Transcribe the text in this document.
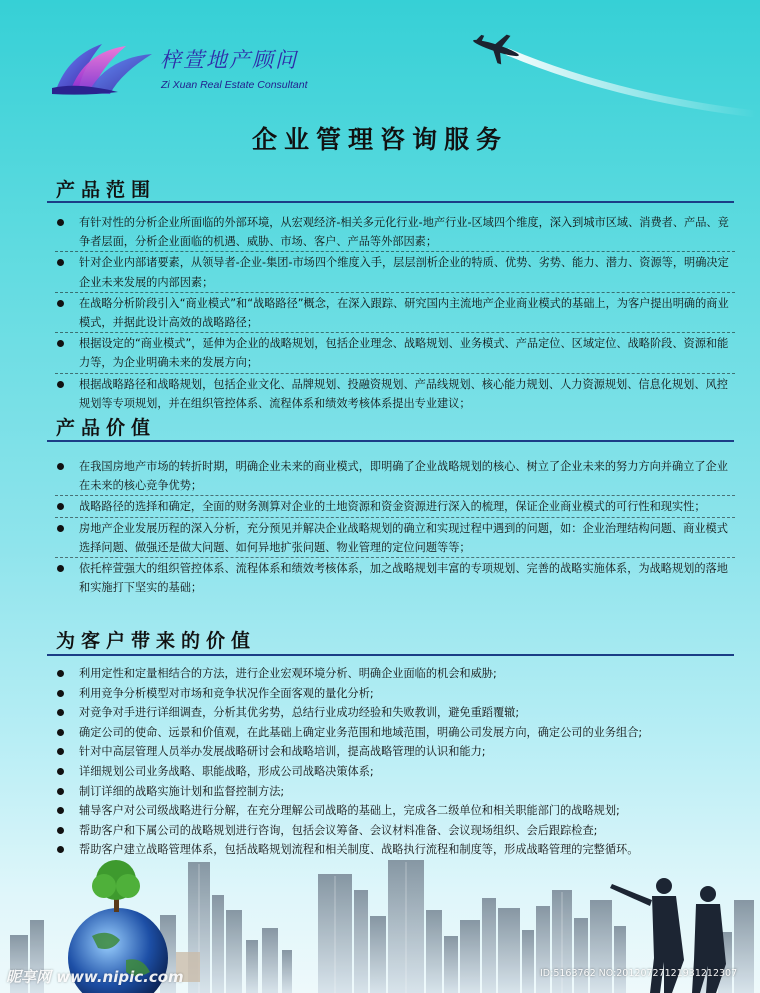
梓萱地产顾问
Zi Xuan Real Estate Consultant
企业管理咨询服务
产品范围
有针对性的分析企业所面临的外部环境，从宏观经济-相关多元化行业-地产行业-区域四个维度，深入到城市区域、消费者、产品、竞争者层面，分析企业面临的机遇、威胁、市场、客户、产品等外部因素；
针对企业内部诸要素，从领导者-企业-集团-市场四个维度入手，层层剖析企业的特质、优势、劣势、能力、潜力、资源等，明确决定企业未来发展的内部因素；
在战略分析阶段引入“商业模式”和“战略路径”概念，在深入跟踪、研究国内主流地产企业商业模式的基础上，为客户提出明确的商业模式，并据此设计高效的战略路径；
根据设定的“商业模式”，延伸为企业的战略规划，包括企业理念、战略规划、业务模式、产品定位、区域定位、战略阶段、资源和能力等，为企业明确未来的发展方向；
根据战略路径和战略规划，包括企业文化、品牌规划、投融资规划、产品线规划、核心能力规划、人力资源规划、信息化规划、风控规划等专项规划，并在组织管控体系、流程体系和绩效考核体系提出专业建议；
产品价值
在我国房地产市场的转折时期，明确企业未来的商业模式，即明确了企业战略规划的核心、树立了企业未来的努力方向并确立了企业在未来的核心竞争优势；
战略路径的选择和确定，全面的财务测算对企业的土地资源和资金资源进行深入的梳理，保证企业商业模式的可行性和现实性；
房地产企业发展历程的深入分析，充分预见并解决企业战略规划的确立和实现过程中遇到的问题，如：企业治理结构问题、商业模式选择问题、做强还是做大问题、如何异地扩张问题、物业管理的定位问题等等；
依托梓萱强大的组织管控体系、流程体系和绩效考核体系，加之战略规划丰富的专项规划、完善的战略实施体系，为战略规划的落地和实施打下坚实的基础；
为客户带来的价值
利用定性和定量相结合的方法，进行企业宏观环境分析、明确企业面临的机会和威胁;
利用竞争分析模型对市场和竞争状况作全面客观的量化分析;
对竞争对手进行详细调查，分析其优劣势，总结行业成功经验和失败教训，避免重蹈覆辙;
确定公司的使命、远景和价值观，在此基础上确定业务范围和地域范围，明确公司发展方向，确定公司的业务组合;
针对中高层管理人员举办发展战略研讨会和战略培训，提高战略管理的认识和能力;
详细规划公司业务战略、职能战略，形成公司战略决策体系;
制订详细的战略实施计划和监督控制方法;
辅导客户对公司级战略进行分解，在充分理解公司战略的基础上，完成各二级单位和相关职能部门的战略规划;
帮助客户和下属公司的战略规划进行咨询，包括会议筹备、会议材料准备、会议现场组织、会后跟踪检查;
帮助客户建立战略管理体系，包括战略规划流程和相关制度、战略执行流程和制度等，形成战略管理的完整循环。
昵享网 www.nipic.com	ID:5163762 NO:20120727121931212307
